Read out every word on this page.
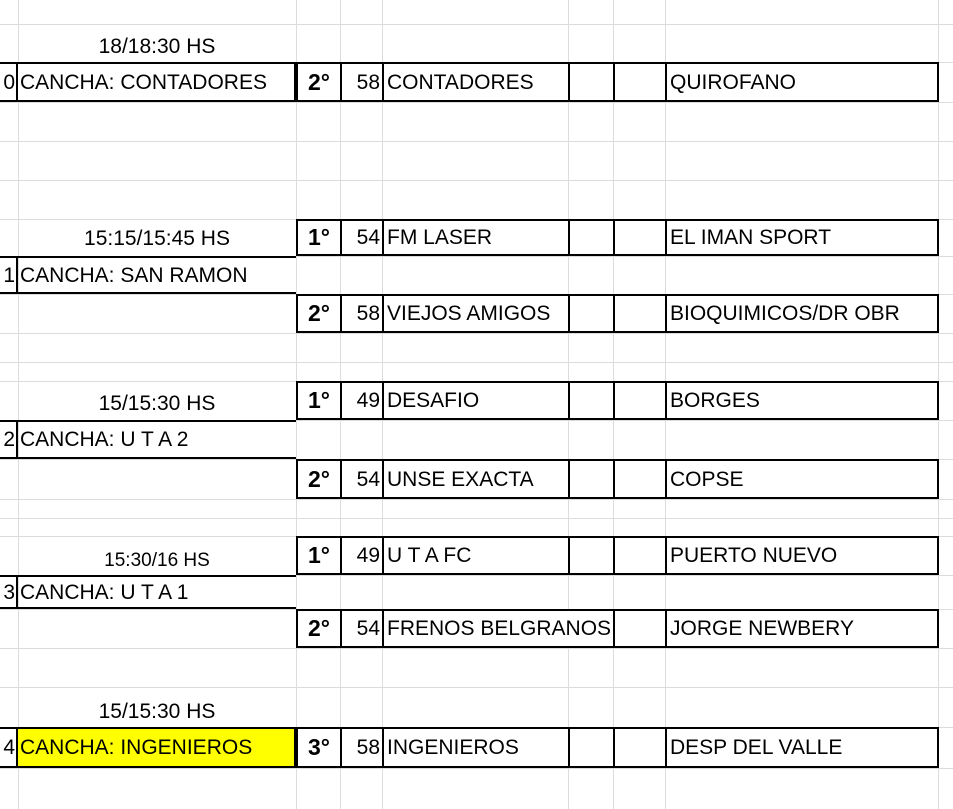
18/18:30 HS
0 CANCHA: CONTADORES	2°	58 CONTADORES	QUIROFANO
15:15/15:45 HS	1°	54 FM LASER	EL IMAN SPORT
1 CANCHA: SAN RAMON
2°	58 VIEJOS AMIGOS	BIOQUIMICOS/DR OBR
15/15:30 HS	1°	49 DESAFIO	BORGES
2 CANCHA: U T A 2
2°	54 UNSE EXACTA	COPSE
15:30/16 HS	1°	49 U T A FC	PUERTO NUEVO
3 CANCHA: U T A 1
2°	54 FRENOS BELGRANOS	JORGE NEWBERY
15/15:30 HS
4 CANCHA: INGENIEROS	3°	58 INGENIEROS	DESP DEL VALLE
